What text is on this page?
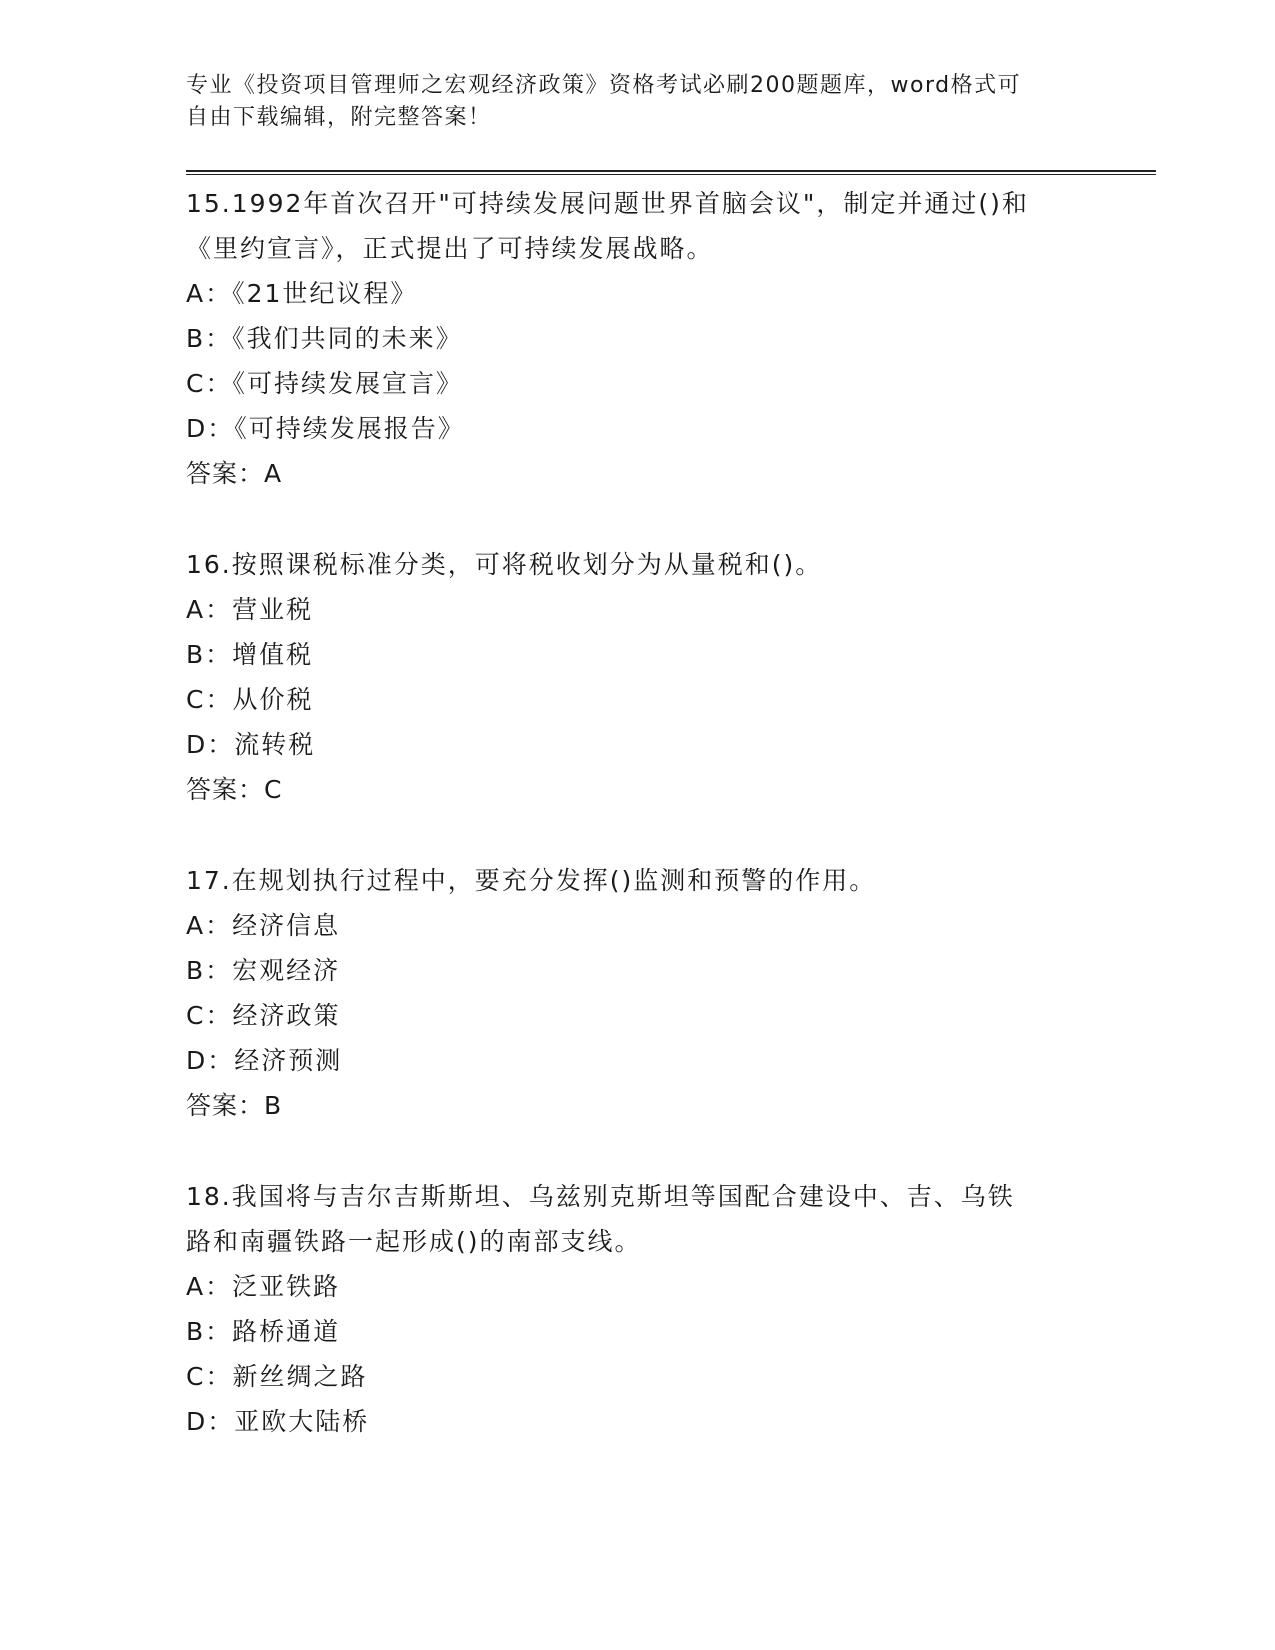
专业《投资项目管理师之宏观经济政策》资格考试必刷200题题库，word格式可
自由下载编辑，附完整答案！
15.1992年首次召开"可持续发展问题世界首脑会议"，制定并通过()和
《里约宣言》，正式提出了可持续发展战略。
A：《21世纪议程》
B：《我们共同的未来》
C：《可持续发展宣言》
D：《可持续发展报告》
答案：A
16.按照课税标准分类，可将税收划分为从量税和()。
A：营业税
B：增值税
C：从价税
D：流转税
答案：C
17.在规划执行过程中，要充分发挥()监测和预警的作用。
A：经济信息
B：宏观经济
C：经济政策
D：经济预测
答案：B
18.我国将与吉尔吉斯斯坦、乌兹别克斯坦等国配合建设中、吉、乌铁
路和南疆铁路一起形成()的南部支线。
A：泛亚铁路
B：路桥通道
C：新丝绸之路
D：亚欧大陆桥
